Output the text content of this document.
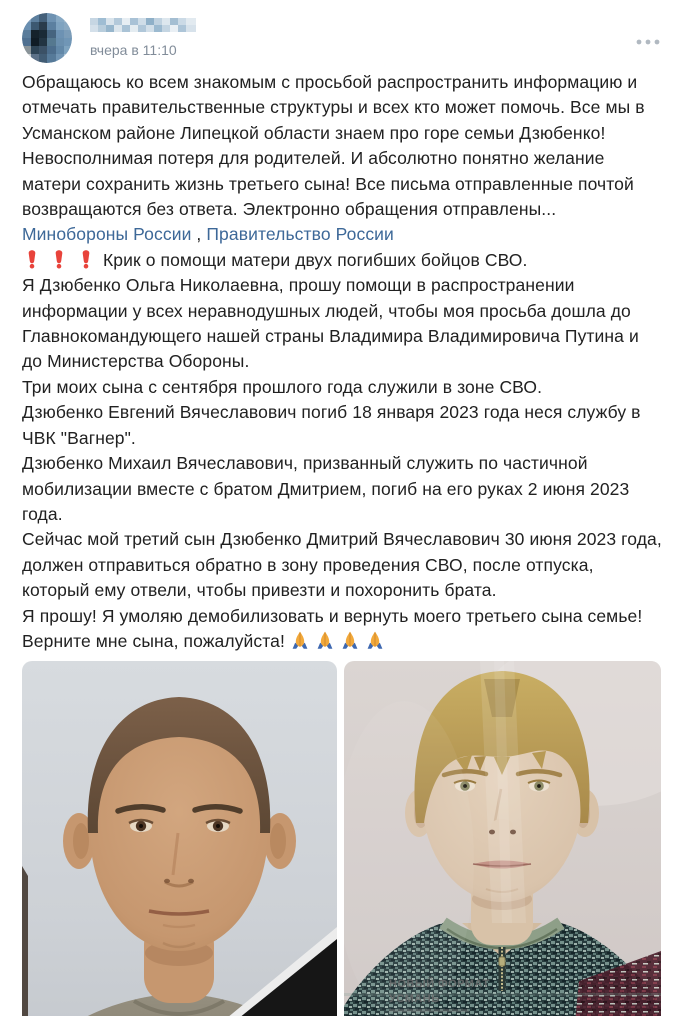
вчера в 11:10
Обращаюсь ко всем знакомым с просьбой распространить информацию и отмечать правительственные структуры и всех кто может помочь. Все мы в Усманском районе Липецкой области знаем про горе семьи Дзюбенко! Невосполнимая потеря для родителей. И абсолютно понятно желание матери сохранить жизнь третьего сына! Все письма отправленные почтой возвращаются без ответа. Электронно обращения отправлены...
Минобороны России , Правительство России
Крик о помощи матери двух погибших бойцов СВО.
Я Дзюбенко Ольга Николаевна, прошу помощи в распространении информации у всех неравнодушных людей, чтобы моя просьба дошла до Главнокомандующего нашей страны Владимира Владимировича Путина и до Министерства Обороны.
Три моих сына с сентября прошлого года служили в зоне СВО.
Дзюбенко Евгений Вячеславович погиб 18 января 2023 года неся службу в ЧВК "Вагнер".
Дзюбенко Михаил Вячеславович, призванный служить по частичной мобилизации вместе с братом Дмитрием, погиб на его руках 2 июня 2023 года.
Сейчас мой третий сын Дзюбенко Дмитрий Вячеславович 30 июня 2023 года, должен отправиться обратно в зону проведения СВО, после отпуска, который ему отвели, чтобы привезти и похоронить брата.
Я прошу! Я умоляю демобилизовать и вернуть моего третьего сына семье!
Верните мне сына, пожалуйста!
НОВЫЙ ФОРМАТ
УСМАНЬ
